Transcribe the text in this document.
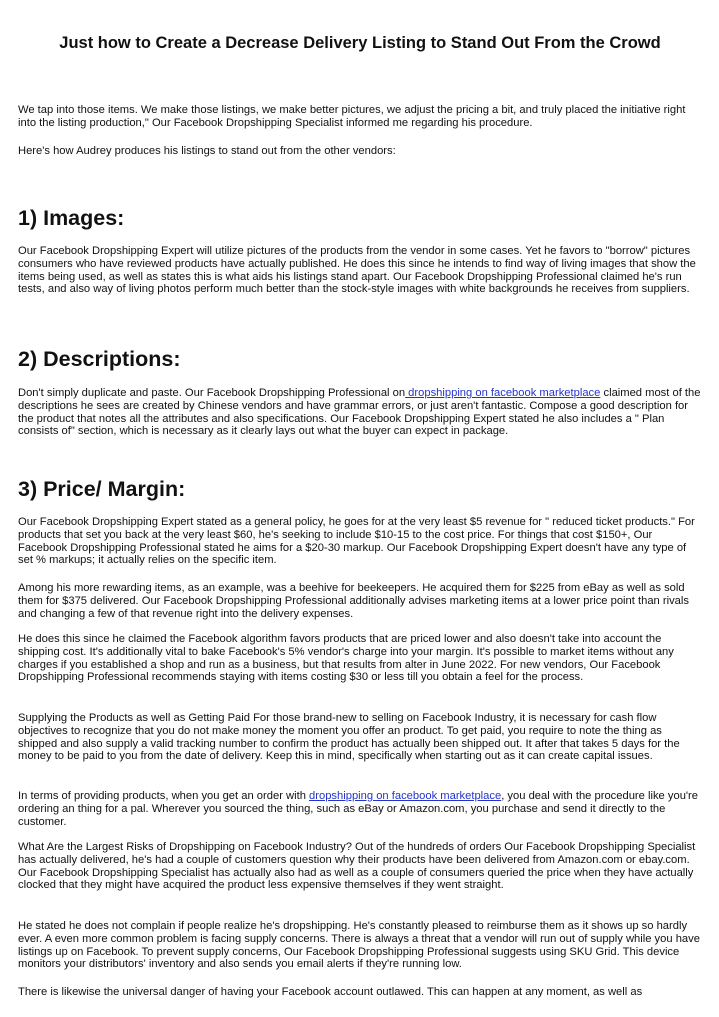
Just how to Create a Decrease Delivery Listing to Stand Out From the Crowd

We tap into those items. We make those listings, we make better pictures, we adjust the pricing a bit, and truly placed the initiative right into the listing production," Our Facebook Dropshipping Specialist informed me regarding his procedure.

Here's how Audrey produces his listings to stand out from the other vendors:

1) Images:

Our Facebook Dropshipping Expert will utilize pictures of the products from the vendor in some cases. Yet he favors to "borrow" pictures consumers who have reviewed products have actually published. He does this since he intends to find way of living images that show the items being used, as well as states this is what aids his listings stand apart. Our Facebook Dropshipping Professional claimed he's run tests, and also way of living photos perform much better than the stock-style images with white backgrounds he receives from suppliers.

2) Descriptions:

Don't simply duplicate and paste. Our Facebook Dropshipping Professional on dropshipping on facebook marketplace claimed most of the descriptions he sees are created by Chinese vendors and have grammar errors, or just aren't fantastic. Compose a good description for the product that notes all the attributes and also specifications. Our Facebook Dropshipping Expert stated he also includes a " Plan consists of" section, which is necessary as it clearly lays out what the buyer can expect in package.

3) Price/ Margin:

Our Facebook Dropshipping Expert stated as a general policy, he goes for at the very least $5 revenue for " reduced ticket products." For products that set you back at the very least $60, he's seeking to include $10-15 to the cost price. For things that cost $150+, Our Facebook Dropshipping Professional stated he aims for a $20-30 markup. Our Facebook Dropshipping Expert doesn't have any type of set % markups; it actually relies on the specific item.

Among his more rewarding items, as an example, was a beehive for beekeepers. He acquired them for $225 from eBay as well as sold them for $375 delivered. Our Facebook Dropshipping Professional additionally advises marketing items at a lower price point than rivals and changing a few of that revenue right into the delivery expenses.

He does this since he claimed the Facebook algorithm favors products that are priced lower and also doesn't take into account the shipping cost. It's additionally vital to bake Facebook's 5% vendor's charge into your margin. It's possible to market items without any charges if you established a shop and run as a business, but that results from alter in June 2022. For new vendors, Our Facebook Dropshipping Professional recommends staying with items costing $30 or less till you obtain a feel for the process.

Supplying the Products as well as Getting Paid For those brand-new to selling on Facebook Industry, it is necessary for cash flow objectives to recognize that you do not make money the moment you offer an product. To get paid, you require to note the thing as shipped and also supply a valid tracking number to confirm the product has actually been shipped out. It after that takes 5 days for the money to be paid to you from the date of delivery. Keep this in mind, specifically when starting out as it can create capital issues.

In terms of providing products, when you get an order with dropshipping on facebook marketplace, you deal with the procedure like you're ordering an thing for a pal. Wherever you sourced the thing, such as eBay or Amazon.com, you purchase and send it directly to the customer.

What Are the Largest Risks of Dropshipping on Facebook Industry? Out of the hundreds of orders Our Facebook Dropshipping Specialist has actually delivered, he's had a couple of customers question why their products have been delivered from Amazon.com or ebay.com. Our Facebook Dropshipping Specialist has actually also had as well as a couple of consumers queried the price when they have actually clocked that they might have acquired the product less expensive themselves if they went straight.

He stated he does not complain if people realize he's dropshipping. He's constantly pleased to reimburse them as it shows up so hardly ever. A even more common problem is facing supply concerns. There is always a threat that a vendor will run out of supply while you have listings up on Facebook. To prevent supply concerns, Our Facebook Dropshipping Professional suggests using SKU Grid. This device monitors your distributors' inventory and also sends you email alerts if they're running low.

There is likewise the universal danger of having your Facebook account outlawed. This can happen at any moment, as well as
